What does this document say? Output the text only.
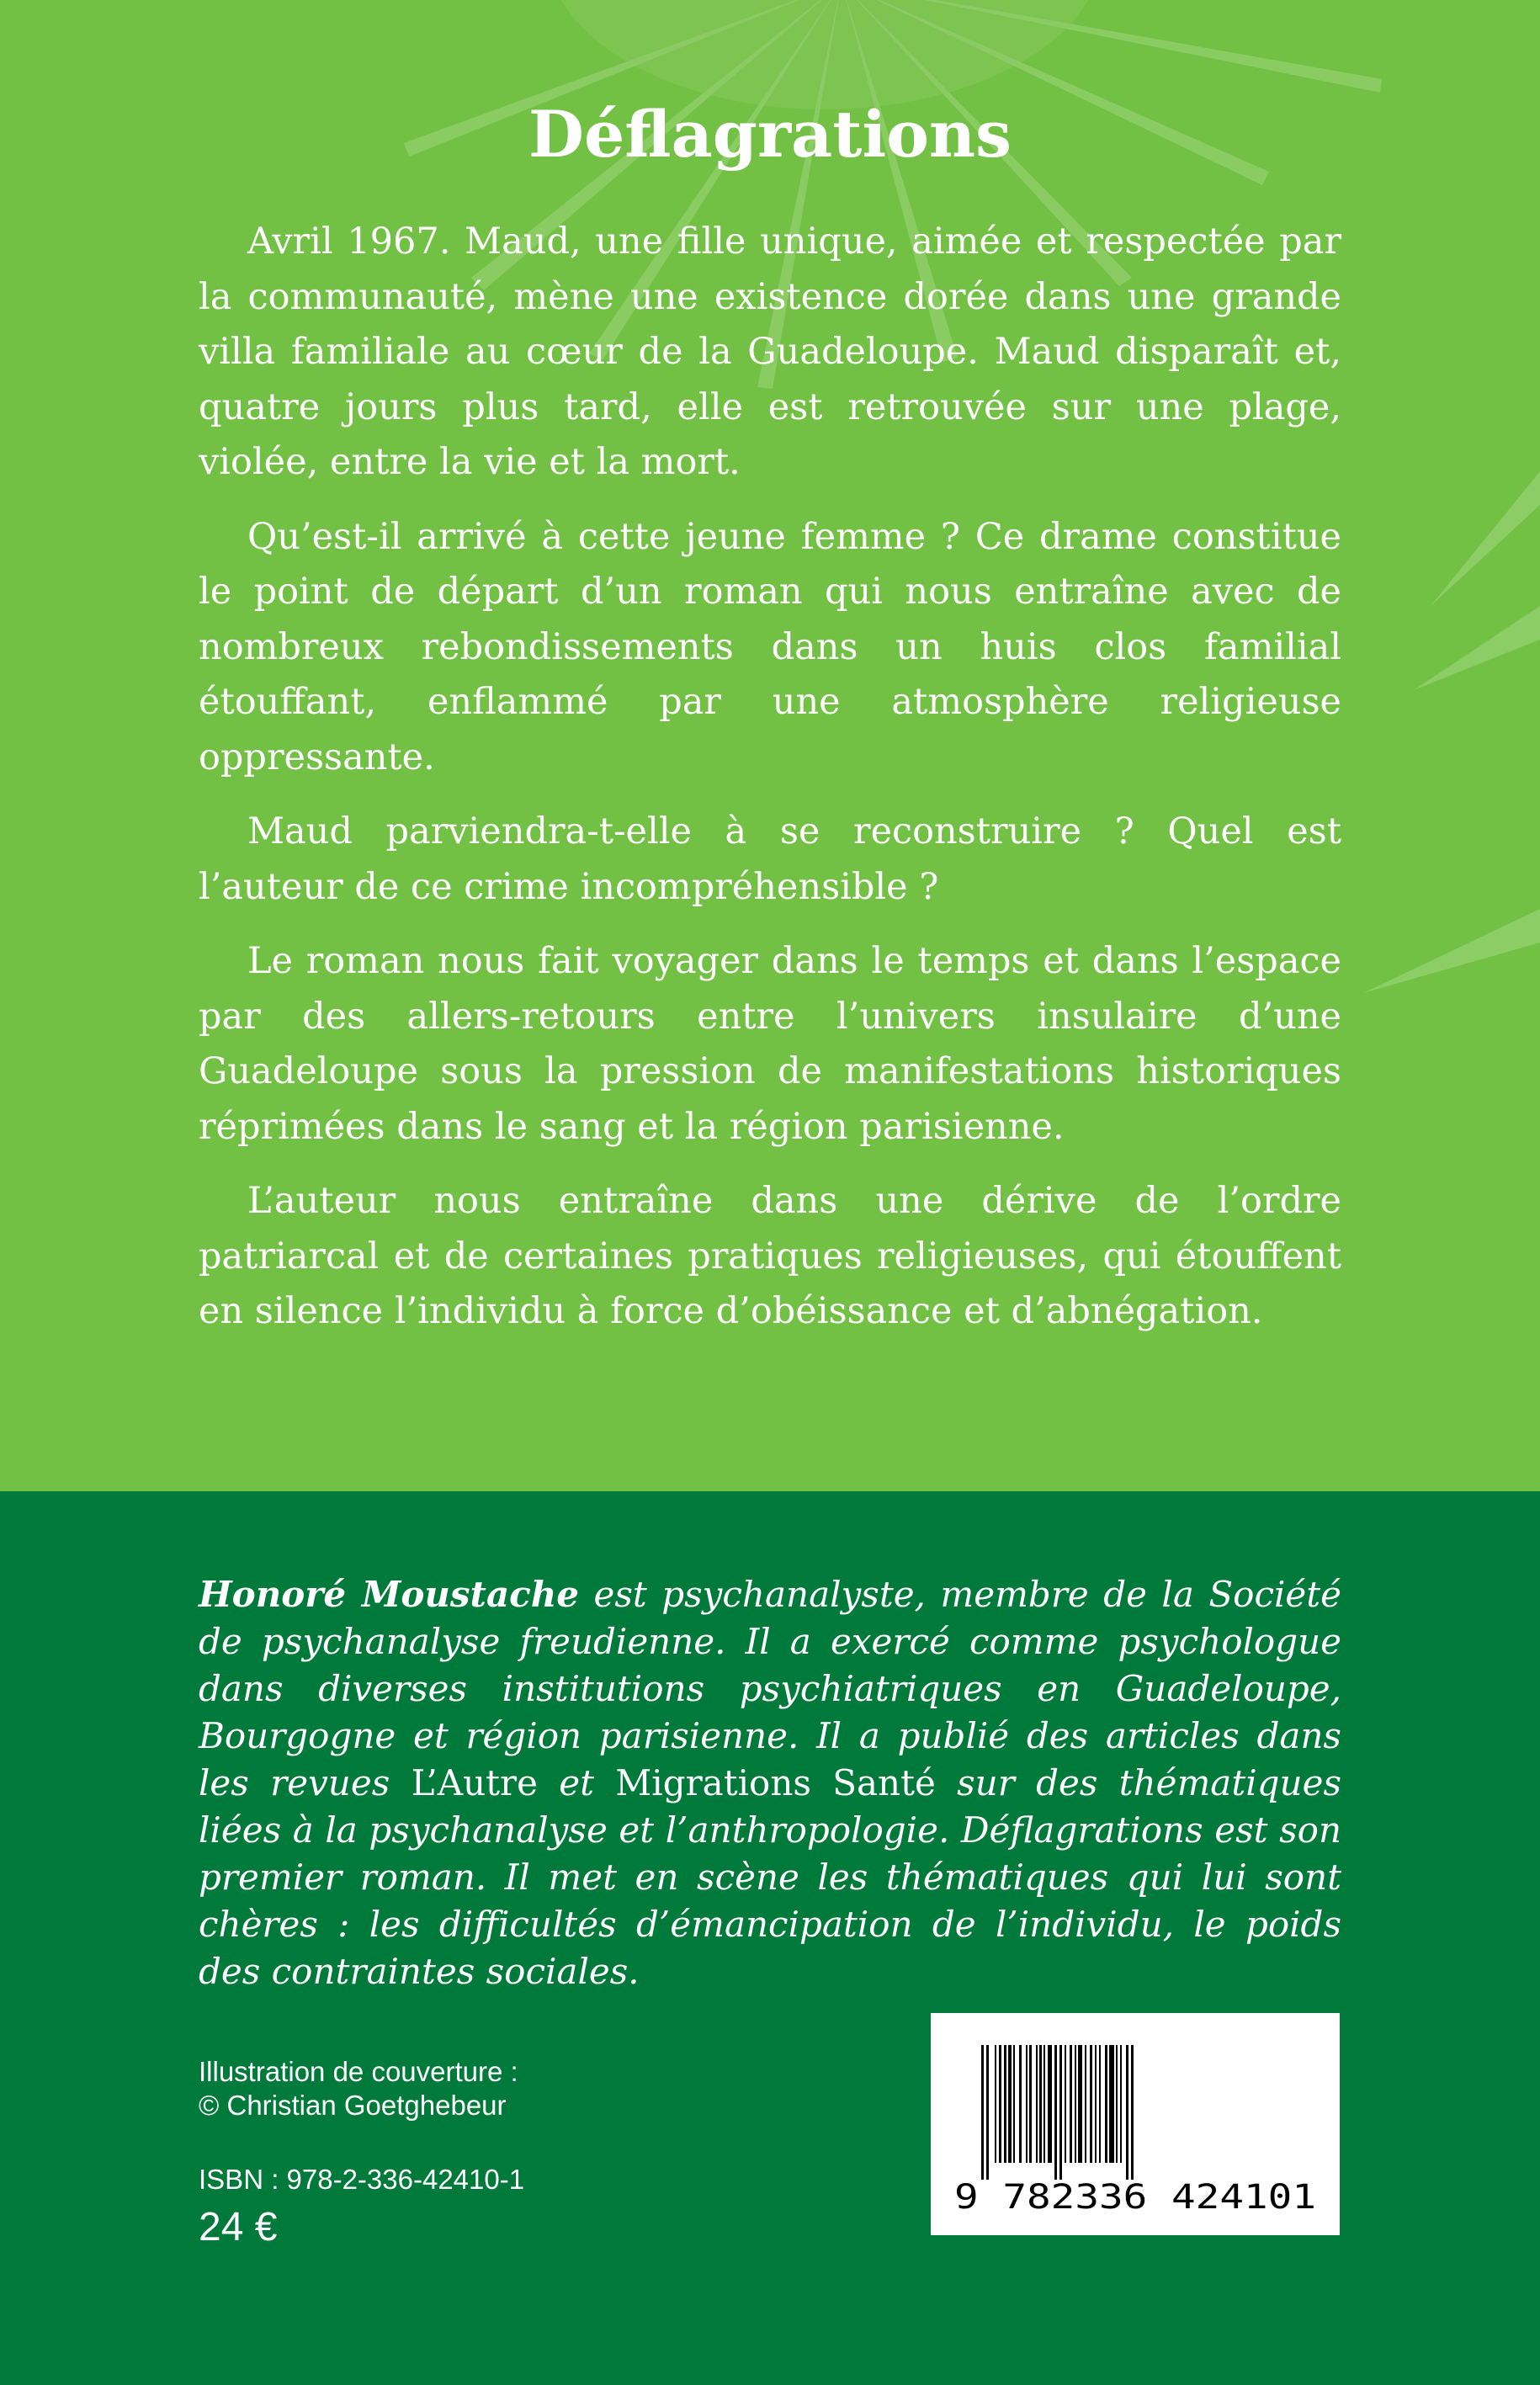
Déflagrations

Avril 1967. Maud, une fille unique, aimée et respectée par la communauté, mène une existence dorée dans une grande villa familiale au cœur de la Guadeloupe. Maud disparaît et, quatre jours plus tard, elle est retrouvée sur une plage, violée, entre la vie et la mort.

Qu’est-il arrivé à cette jeune femme ? Ce drame constitue le point de départ d’un roman qui nous entraîne avec de nombreux rebondissements dans un huis clos familial étouffant, enflammé par une atmosphère religieuse oppressante.

Maud parviendra-t-elle à se reconstruire ? Quel est l’auteur de ce crime incompréhensible ?

Le roman nous fait voyager dans le temps et dans l’espace par des allers-retours entre l’univers insulaire d’une Guadeloupe sous la pression de manifestations historiques réprimées dans le sang et la région parisienne.

L’auteur nous entraîne dans une dérive de l’ordre patriarcal et de certaines pratiques religieuses, qui étouffent en silence l’individu à force d’obéissance et d’abnégation.

Honoré Moustache est psychanalyste, membre de la Société de psychanalyse freudienne. Il a exercé comme psychologue dans diverses institutions psychiatriques en Guadeloupe, Bourgogne et région parisienne. Il a publié des articles dans les revues L’Autre et Migrations Santé sur des thématiques liées à la psychanalyse et l’anthropologie. Déflagrations est son premier roman. Il met en scène les thématiques qui lui sont chères : les difficultés d’émancipation de l’individu, le poids des contraintes sociales.

Illustration de couverture :
© Christian Goetghebeur
ISBN : 978-2-336-42410-1
24 €
9 782336 424101
